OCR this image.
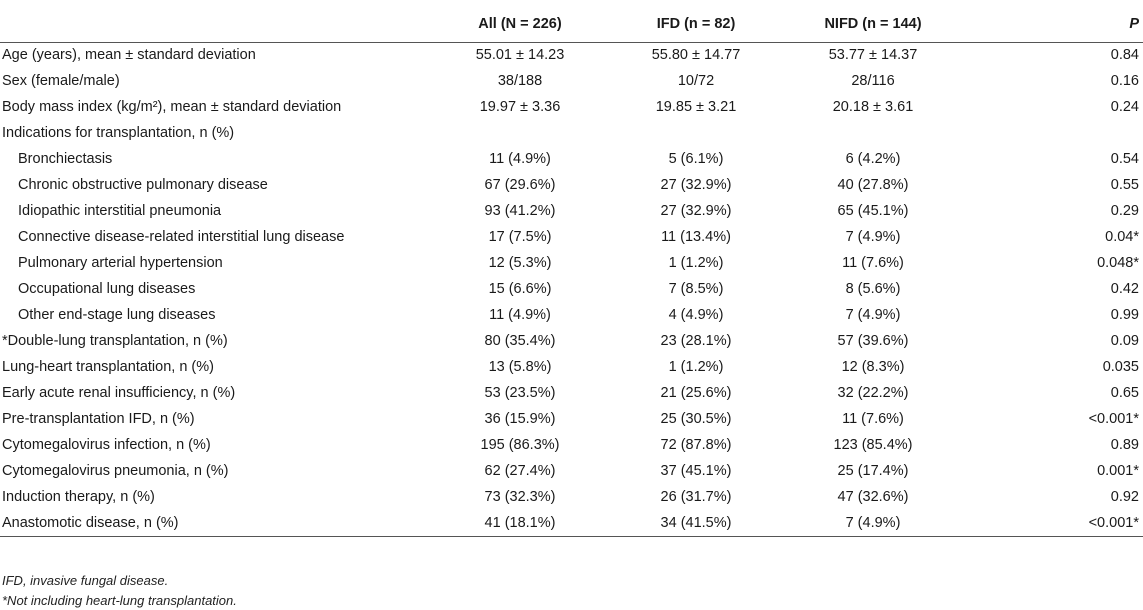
	All (N = 226)	IFD (n = 82)	NIFD (n = 144)	P
Age (years), mean ± standard deviation	55.01 ± 14.23	55.80 ± 14.77	53.77 ± 14.37	0.84
Sex (female/male)	38/188	10/72	28/116	0.16
Body mass index (kg/m²), mean ± standard deviation	19.97 ± 3.36	19.85 ± 3.21	20.18 ± 3.61	0.24
Indications for transplantation, n (%)				
Bronchiectasis	11 (4.9%)	5 (6.1%)	6 (4.2%)	0.54
Chronic obstructive pulmonary disease	67 (29.6%)	27 (32.9%)	40 (27.8%)	0.55
Idiopathic interstitial pneumonia	93 (41.2%)	27 (32.9%)	65 (45.1%)	0.29
Connective disease-related interstitial lung disease	17 (7.5%)	11 (13.4%)	7 (4.9%)	0.04*
Pulmonary arterial hypertension	12 (5.3%)	1 (1.2%)	11 (7.6%)	0.048*
Occupational lung diseases	15 (6.6%)	7 (8.5%)	8 (5.6%)	0.42
Other end-stage lung diseases	11 (4.9%)	4 (4.9%)	7 (4.9%)	0.99
*Double-lung transplantation, n (%)	80 (35.4%)	23 (28.1%)	57 (39.6%)	0.09
Lung-heart transplantation, n (%)	13 (5.8%)	1 (1.2%)	12 (8.3%)	0.035
Early acute renal insufficiency, n (%)	53 (23.5%)	21 (25.6%)	32 (22.2%)	0.65
Pre-transplantation IFD, n (%)	36 (15.9%)	25 (30.5%)	11 (7.6%)	<0.001*
Cytomegalovirus infection, n (%)	195 (86.3%)	72 (87.8%)	123 (85.4%)	0.89
Cytomegalovirus pneumonia, n (%)	62 (27.4%)	37 (45.1%)	25 (17.4%)	0.001*
Induction therapy, n (%)	73 (32.3%)	26 (31.7%)	47 (32.6%)	0.92
Anastomotic disease, n (%)	41 (18.1%)	34 (41.5%)	7 (4.9%)	<0.001*
IFD, invasive fungal disease.
*Not including heart-lung transplantation.
